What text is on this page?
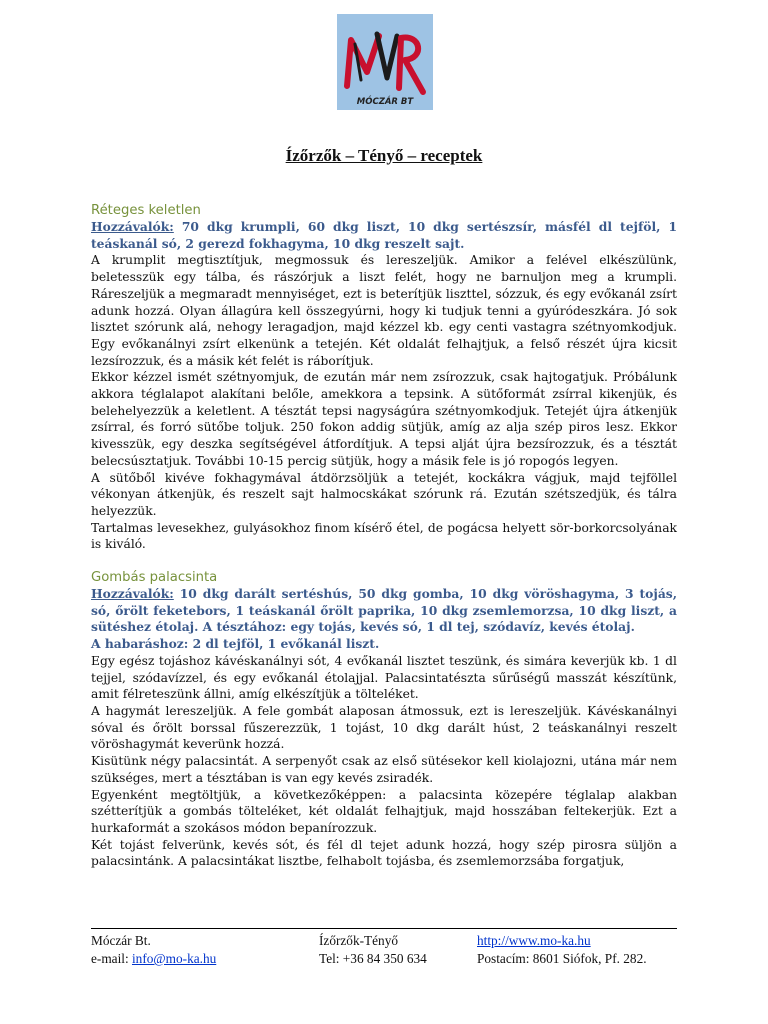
MÓCZÁR BT
Ízőrzők – Tényő – receptek
Réteges keletlen

Hozzávalók: 70 dkg krumpli, 60 dkg liszt, 10 dkg sertészsír, másfél dl tejföl, 1 teáskanál só, 2 gerezd fokhagyma, 10 dkg reszelt sajt.

A krumplit megtisztítjuk, megmossuk és lereszeljük. Amikor a felével elkészülünk, beletesszük egy tálba, és rászórjuk a liszt felét, hogy ne barnuljon meg a krumpli. Ráreszeljük a megmaradt mennyiséget, ezt is beterítjük liszttel, sózzuk, és egy evőkanál zsírt adunk hozzá. Olyan állagúra kell összegyúrni, hogy ki tudjuk tenni a gyúródeszkára. Jó sok lisztet szórunk alá, nehogy leragadjon, majd kézzel kb. egy centi vastagra szétnyomkodjuk. Egy evőkanálnyi zsírt elkenünk a tetején. Két oldalát felhajtjuk, a felső részét újra kicsit lezsírozzuk, és a másik két felét is ráborítjuk.

Ekkor kézzel ismét szétnyomjuk, de ezután már nem zsírozzuk, csak hajtogatjuk. Próbálunk akkora téglalapot alakítani belőle, amekkora a tepsink. A sütőformát zsírral kikenjük, és belehelyezzük a keletlent. A tésztát tepsi nagyságúra szétnyomkodjuk. Tetejét újra átkenjük zsírral, és forró sütőbe toljuk. 250 fokon addig sütjük, amíg az alja szép piros lesz. Ekkor kivesszük, egy deszka segítségével átfordítjuk. A tepsi alját újra bezsírozzuk, és a tésztát belecsúsztatjuk. További 10-15 percig sütjük, hogy a másik fele is jó ropogós legyen.

A sütőből kivéve fokhagymával átdörzsöljük a tetejét, kockákra vágjuk, majd tejföllel vékonyan átkenjük, és reszelt sajt halmocskákat szórunk rá. Ezután szétszedjük, és tálra helyezzük.

Tartalmas levesekhez, gulyásokhoz finom kísérő étel, de pogácsa helyett sör-borkorcsolyának is kiváló.

Gombás palacsinta

Hozzávalók: 10 dkg darált sertéshús, 50 dkg gomba, 10 dkg vöröshagyma, 3 tojás, só, őrölt feketebors, 1 teáskanál őrölt paprika, 10 dkg zsemlemorzsa, 10 dkg liszt, a sütéshez étolaj. A tésztához: egy tojás, kevés só, 1 dl tej, szódavíz, kevés étolaj.

A habaráshoz: 2 dl tejföl, 1 evőkanál liszt.

Egy egész tojáshoz kávéskanálnyi sót, 4 evőkanál lisztet teszünk, és simára keverjük kb. 1 dl tejjel, szódavízzel, és egy evőkanál étolajjal. Palacsintatészta sűrűségű masszát készítünk, amit félreteszünk állni, amíg elkészítjük a tölteléket.

A hagymát lereszeljük. A fele gombát alaposan átmossuk, ezt is lereszeljük. Kávéskanálnyi sóval és őrölt borssal fűszerezzük, 1 tojást, 10 dkg darált húst, 2 teáskanálnyi reszelt vöröshagymát keverünk hozzá.

Kisütünk négy palacsintát. A serpenyőt csak az első sütésekor kell kiolajozni, utána már nem szükséges, mert a tésztában is van egy kevés zsiradék.

Egyenként megtöltjük, a következőképpen: a palacsinta közepére téglalap alakban szétterítjük a gombás tölteléket, két oldalát felhajtjuk, majd hosszában feltekerjük. Ezt a hurkaformát a szokásos módon bepanírozzuk.

Két tojást felverünk, kevés sót, és fél dl tejet adunk hozzá, hogy szép pirosra süljön a palacsintánk. A palacsintákat lisztbe, felhabolt tojásba, és zsemlemorzsába forgatjuk,

Móczár Bt.	Ízőrzők-Tényő	http://www.mo-ka.hu
e-mail: info@mo-ka.hu	Tel: +36 84 350 634	Postacím: 8601 Siófok, Pf. 282.
